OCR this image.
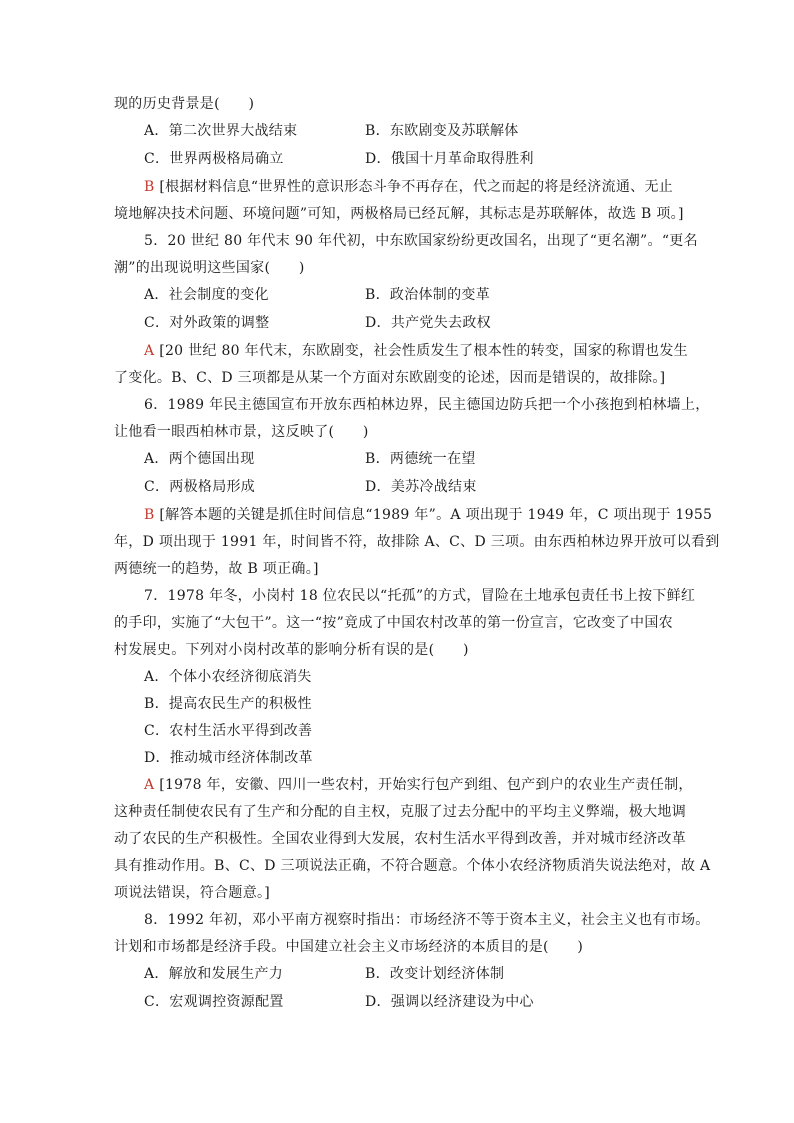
现的历史背景是(　　)
A．第二次世界大战结束	B．东欧剧变及苏联解体
C．世界两极格局确立	D．俄国十月革命取得胜利
B [根据材料信息“世界性的意识形态斗争不再存在，代之而起的将是经济流通、无止
境地解决技术问题、环境问题”可知，两极格局已经瓦解，其标志是苏联解体，故选 B 项。]
5．20 世纪 80 年代末 90 年代初，中东欧国家纷纷更改国名，出现了“更名潮”。“更名
潮”的出现说明这些国家(　　)
A．社会制度的变化	B．政治体制的变革
C．对外政策的调整	D．共产党失去政权
A [20 世纪 80 年代末，东欧剧变，社会性质发生了根本性的转变，国家的称谓也发生
了变化。B、C、D 三项都是从某一个方面对东欧剧变的论述，因而是错误的，故排除。]
6．1989 年民主德国宣布开放东西柏林边界，民主德国边防兵把一个小孩抱到柏林墙上，
让他看一眼西柏林市景，这反映了(　　)
A．两个德国出现	B．两德统一在望
C．两极格局形成	D．美苏冷战结束
B [解答本题的关键是抓住时间信息“1989 年”。A 项出现于 1949 年，C 项出现于 1955
年，D 项出现于 1991 年，时间皆不符，故排除 A、C、D 三项。由东西柏林边界开放可以看到
两德统一的趋势，故 B 项正确。]
7．1978 年冬，小岗村 18 位农民以“托孤”的方式，冒险在土地承包责任书上按下鲜红
的手印，实施了“大包干”。这一“按”竟成了中国农村改革的第一份宣言，它改变了中国农
村发展史。下列对小岗村改革的影响分析有误的是(　　)
A．个体小农经济彻底消失
B．提高农民生产的积极性
C．农村生活水平得到改善
D．推动城市经济体制改革
A [1978 年，安徽、四川一些农村，开始实行包产到组、包产到户的农业生产责任制，
这种责任制使农民有了生产和分配的自主权，克服了过去分配中的平均主义弊端，极大地调
动了农民的生产积极性。全国农业得到大发展，农村生活水平得到改善，并对城市经济改革
具有推动作用。B、C、D 三项说法正确，不符合题意。个体小农经济物质消失说法绝对，故 A
项说法错误，符合题意。]
8．1992 年初，邓小平南方视察时指出：市场经济不等于资本主义，社会主义也有市场。
计划和市场都是经济手段。中国建立社会主义市场经济的本质目的是(　　)
A．解放和发展生产力	B．改变计划经济体制
C．宏观调控资源配置	D．强调以经济建设为中心
